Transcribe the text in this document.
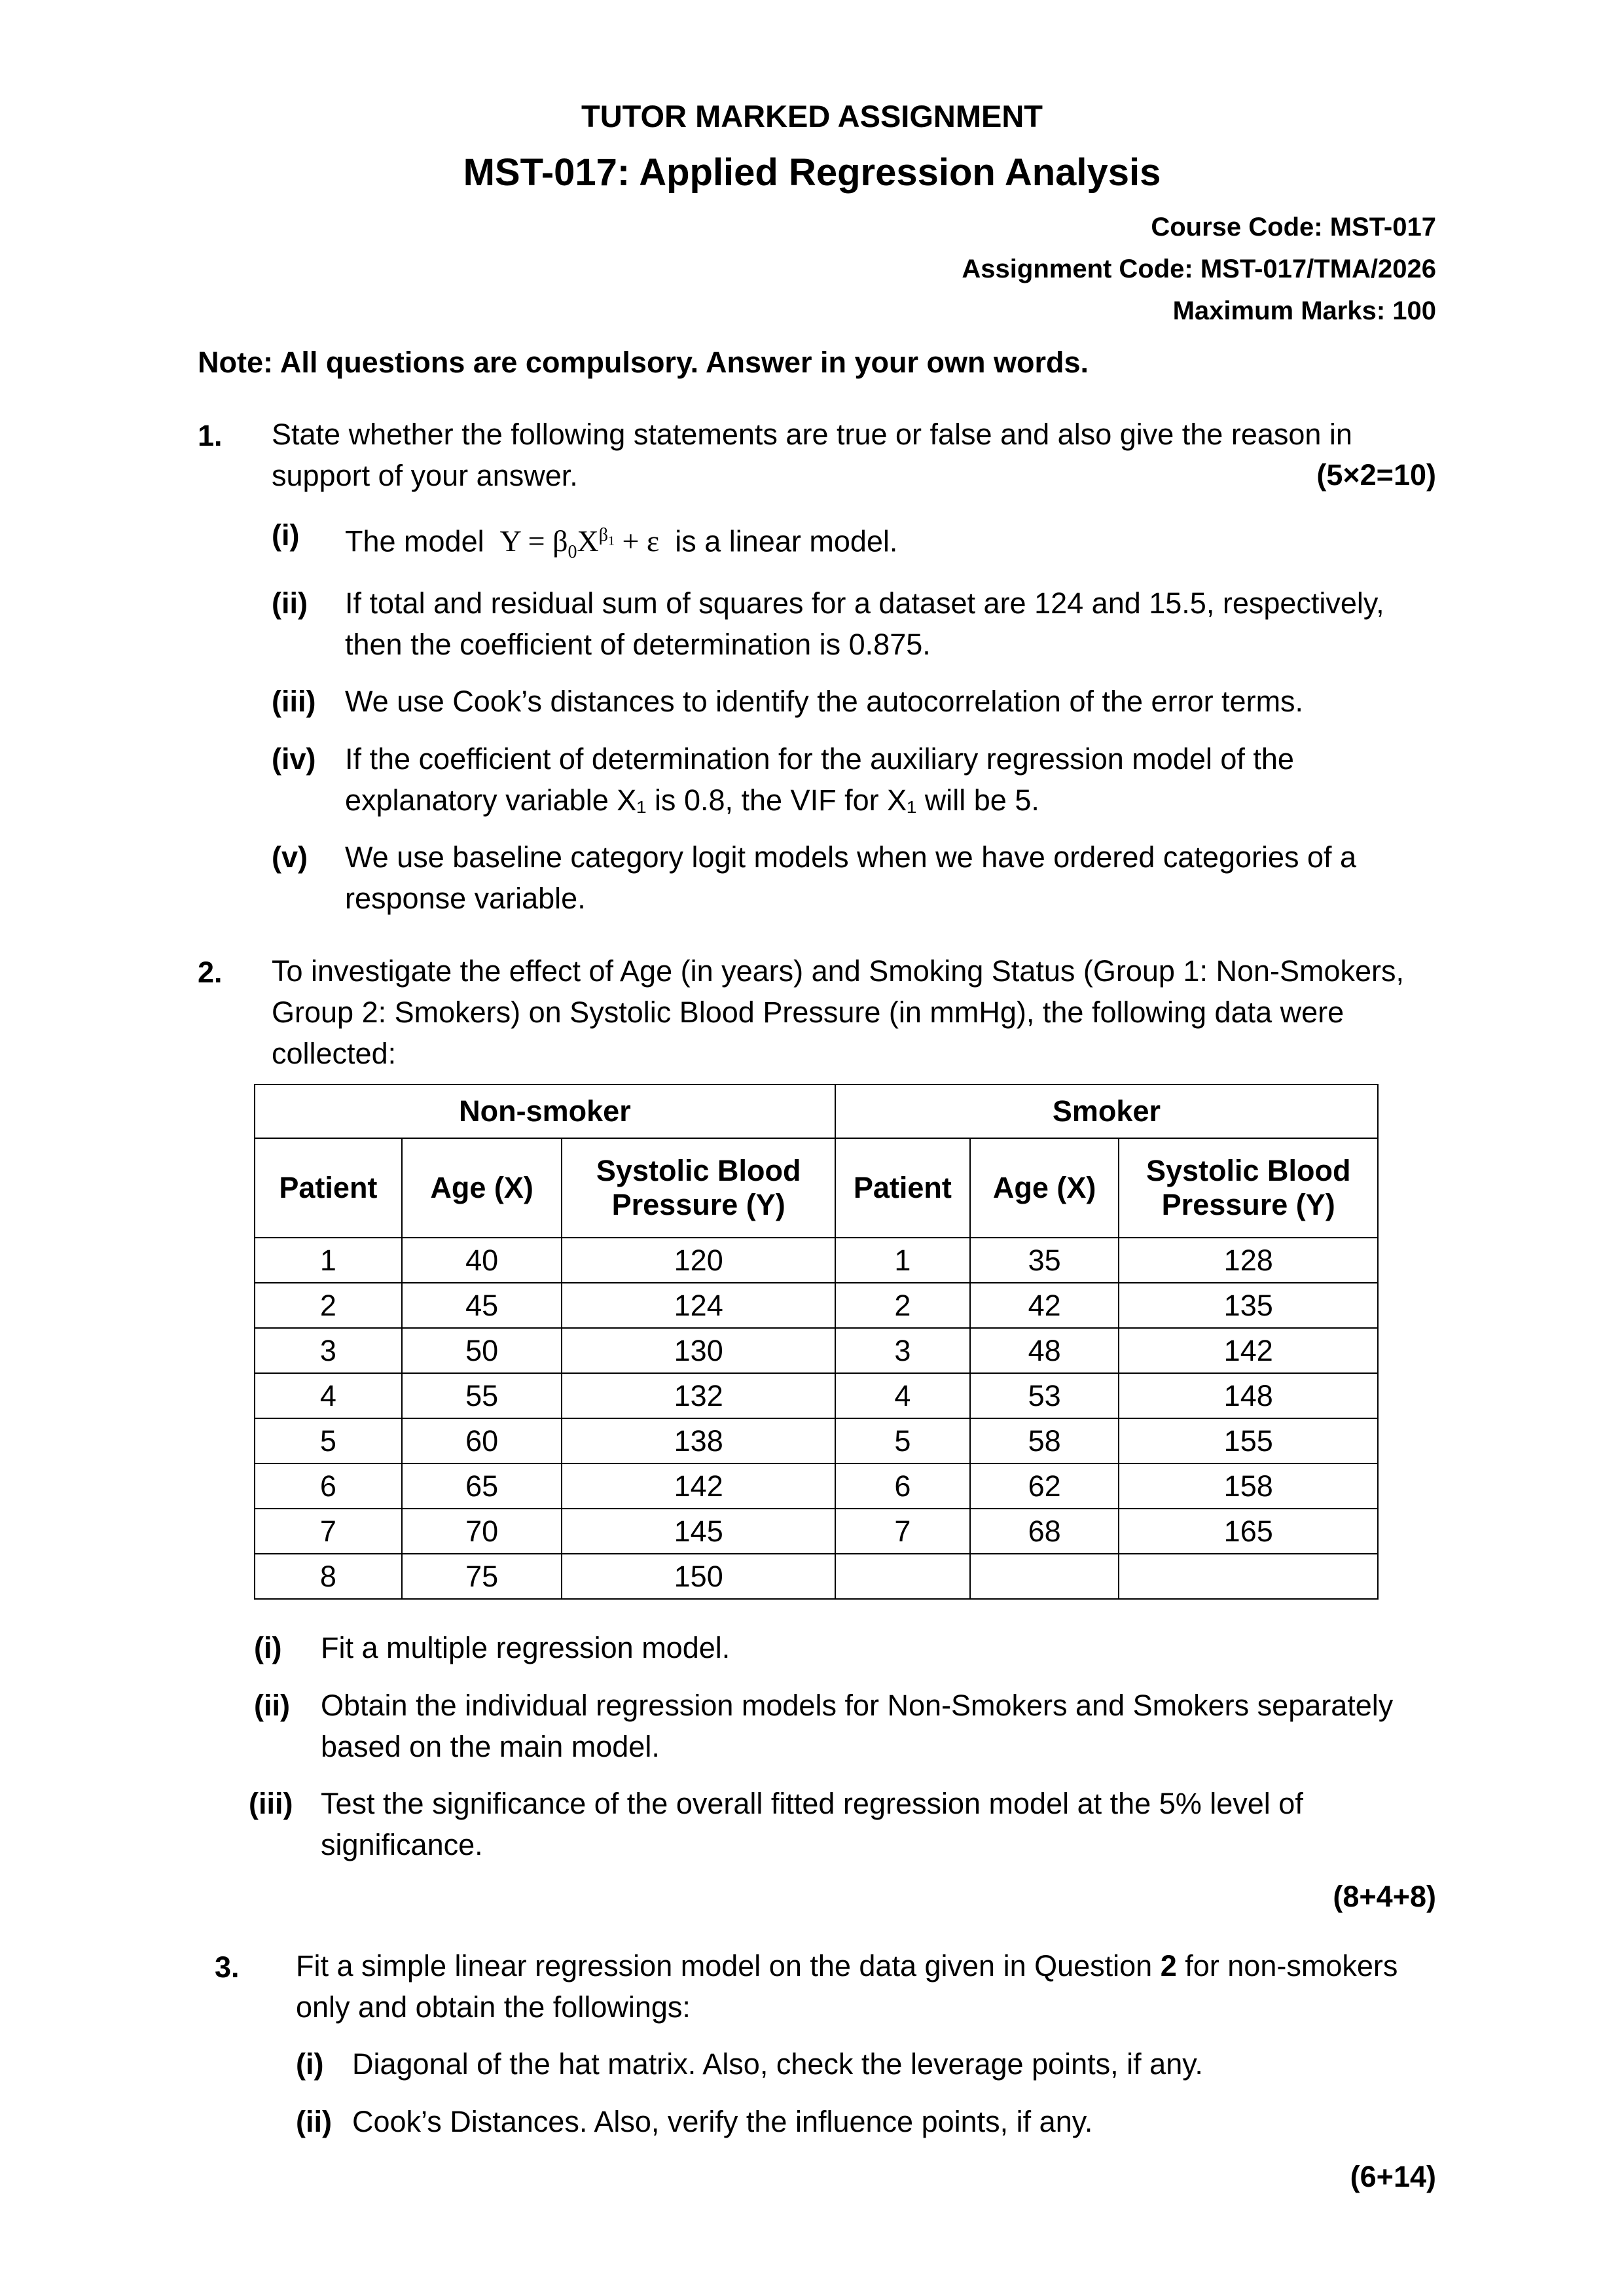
TUTOR MARKED ASSIGNMENT
MST-017: Applied Regression Analysis
Course Code: MST-017
Assignment Code: MST-017/TMA/2026
Maximum Marks: 100
Note: All questions are compulsory. Answer in your own words.
1. State whether the following statements are true or false and also give the reason in support of your answer.	(5×2=10)
(i) The model  $Y = \beta_0X^{\beta_1} + \varepsilon$  is a linear model.
(ii) If total and residual sum of squares for a dataset are 124 and 15.5, respectively, then the coefficient of determination is 0.875.
(iii) We use Cook’s distances to identify the autocorrelation of the error terms.
(iv) If the coefficient of determination for the auxiliary regression model of the explanatory variable X₁ is 0.8, the VIF for X₁ will be 5.
(v) We use baseline category logit models when we have ordered categories of a response variable.
2. To investigate the effect of Age (in years) and Smoking Status (Group 1: Non-Smokers, Group 2: Smokers) on Systolic Blood Pressure (in mmHg), the following data were collected:
Non-smoker			Smoker		
Patient	Age (X)	Systolic Blood Pressure (Y)	Patient	Age (X)	Systolic Blood Pressure (Y)
1	40	120	1	35	128
2	45	124	2	42	135
3	50	130	3	48	142
4	55	132	4	53	148
5	60	138	5	58	155
6	65	142	6	62	158
7	70	145	7	68	165
8	75	150			
(i) Fit a multiple regression model.
(ii) Obtain the individual regression models for Non-Smokers and Smokers separately based on the main model.
(iii) Test the significance of the overall fitted regression model at the 5% level of significance.
(8+4+8)
3. Fit a simple linear regression model on the data given in Question 2 for non-smokers only and obtain the followings:
(i) Diagonal of the hat matrix. Also, check the leverage points, if any.
(ii) Cook’s Distances. Also, verify the influence points, if any.
(6+14)
